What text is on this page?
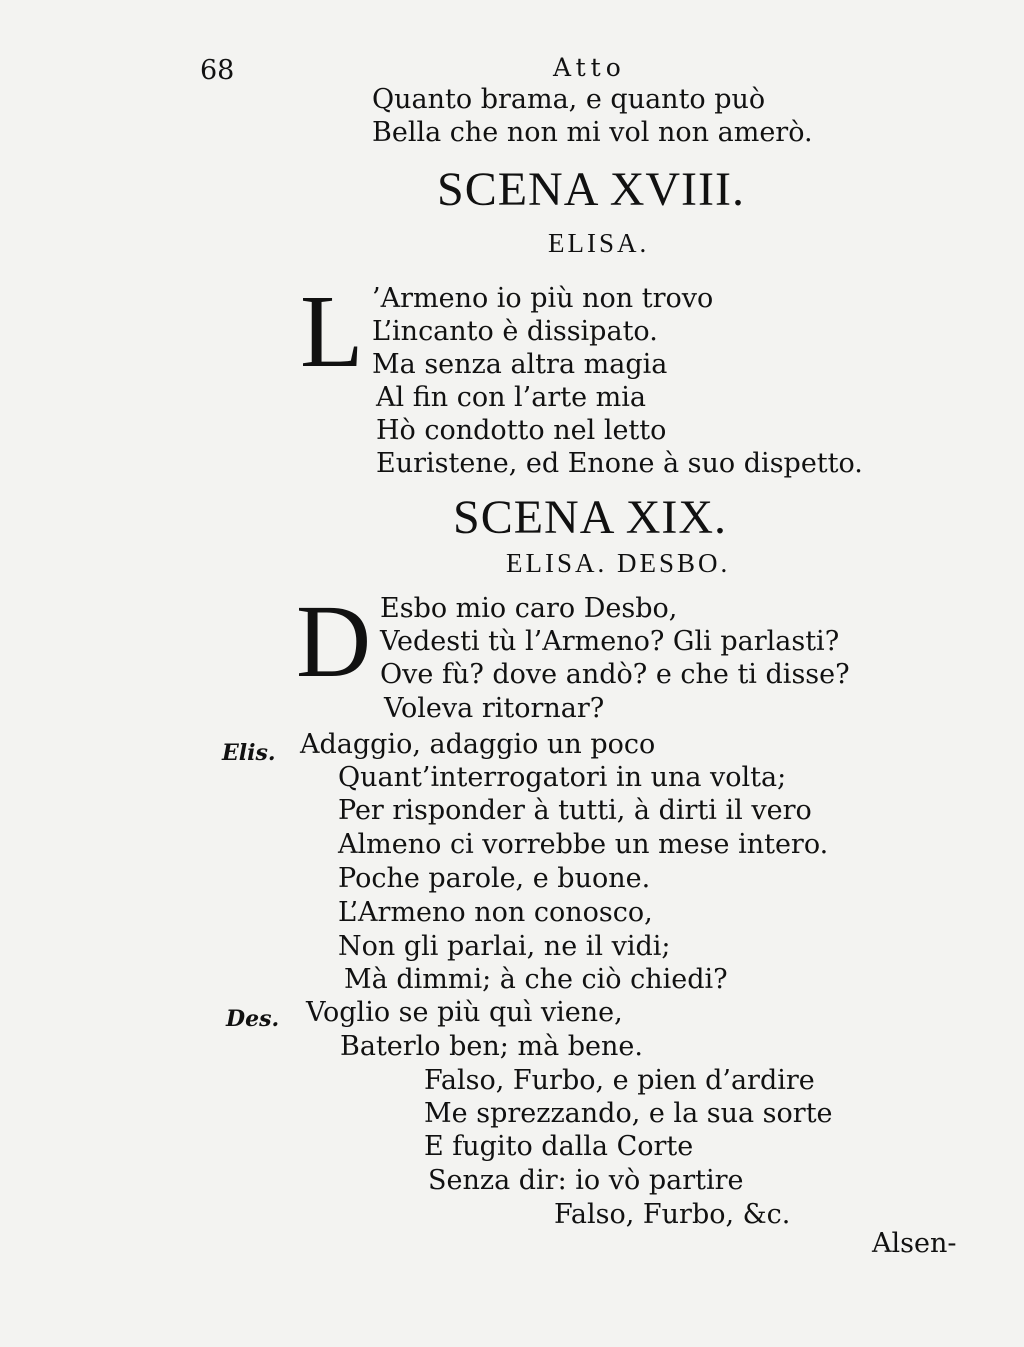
68	Atto
Quanto brama, e quanto può
Bella che non mi vol non amerò.
SCENA XVIII.
ELISA.
L ’Armeno io più non trovo
L’incanto è dissipato.
Ma senza altra magia
Al fin con l’arte mia
Hò condotto nel letto
Euristene, ed Enone à suo dispetto.
SCENA XIX.
ELISA. DESBO.
D Esbo mio caro Desbo,
Vedesti tù l’Armeno? Gli parlasti?
Ove fù? dove andò? e che ti disse?
Voleva ritornar?
Elis. Adaggio, adaggio un poco
Quant’interrogatori in una volta;
Per risponder à tutti, à dirti il vero
Almeno ci vorrebbe un mese intero.
Poche parole, e buone.
L’Armeno non conosco,
Non gli parlai, ne il vidi;
Mà dimmi; à che ciò chiedi?
Des. Voglio se più quì viene,
Baterlo ben; mà bene.
Falso, Furbo, e pien d’ardire
Me sprezzando, e la sua sorte
E fugito dalla Corte
Senza dir: io vò partire
Falso, Furbo, &c.
Alsen-
